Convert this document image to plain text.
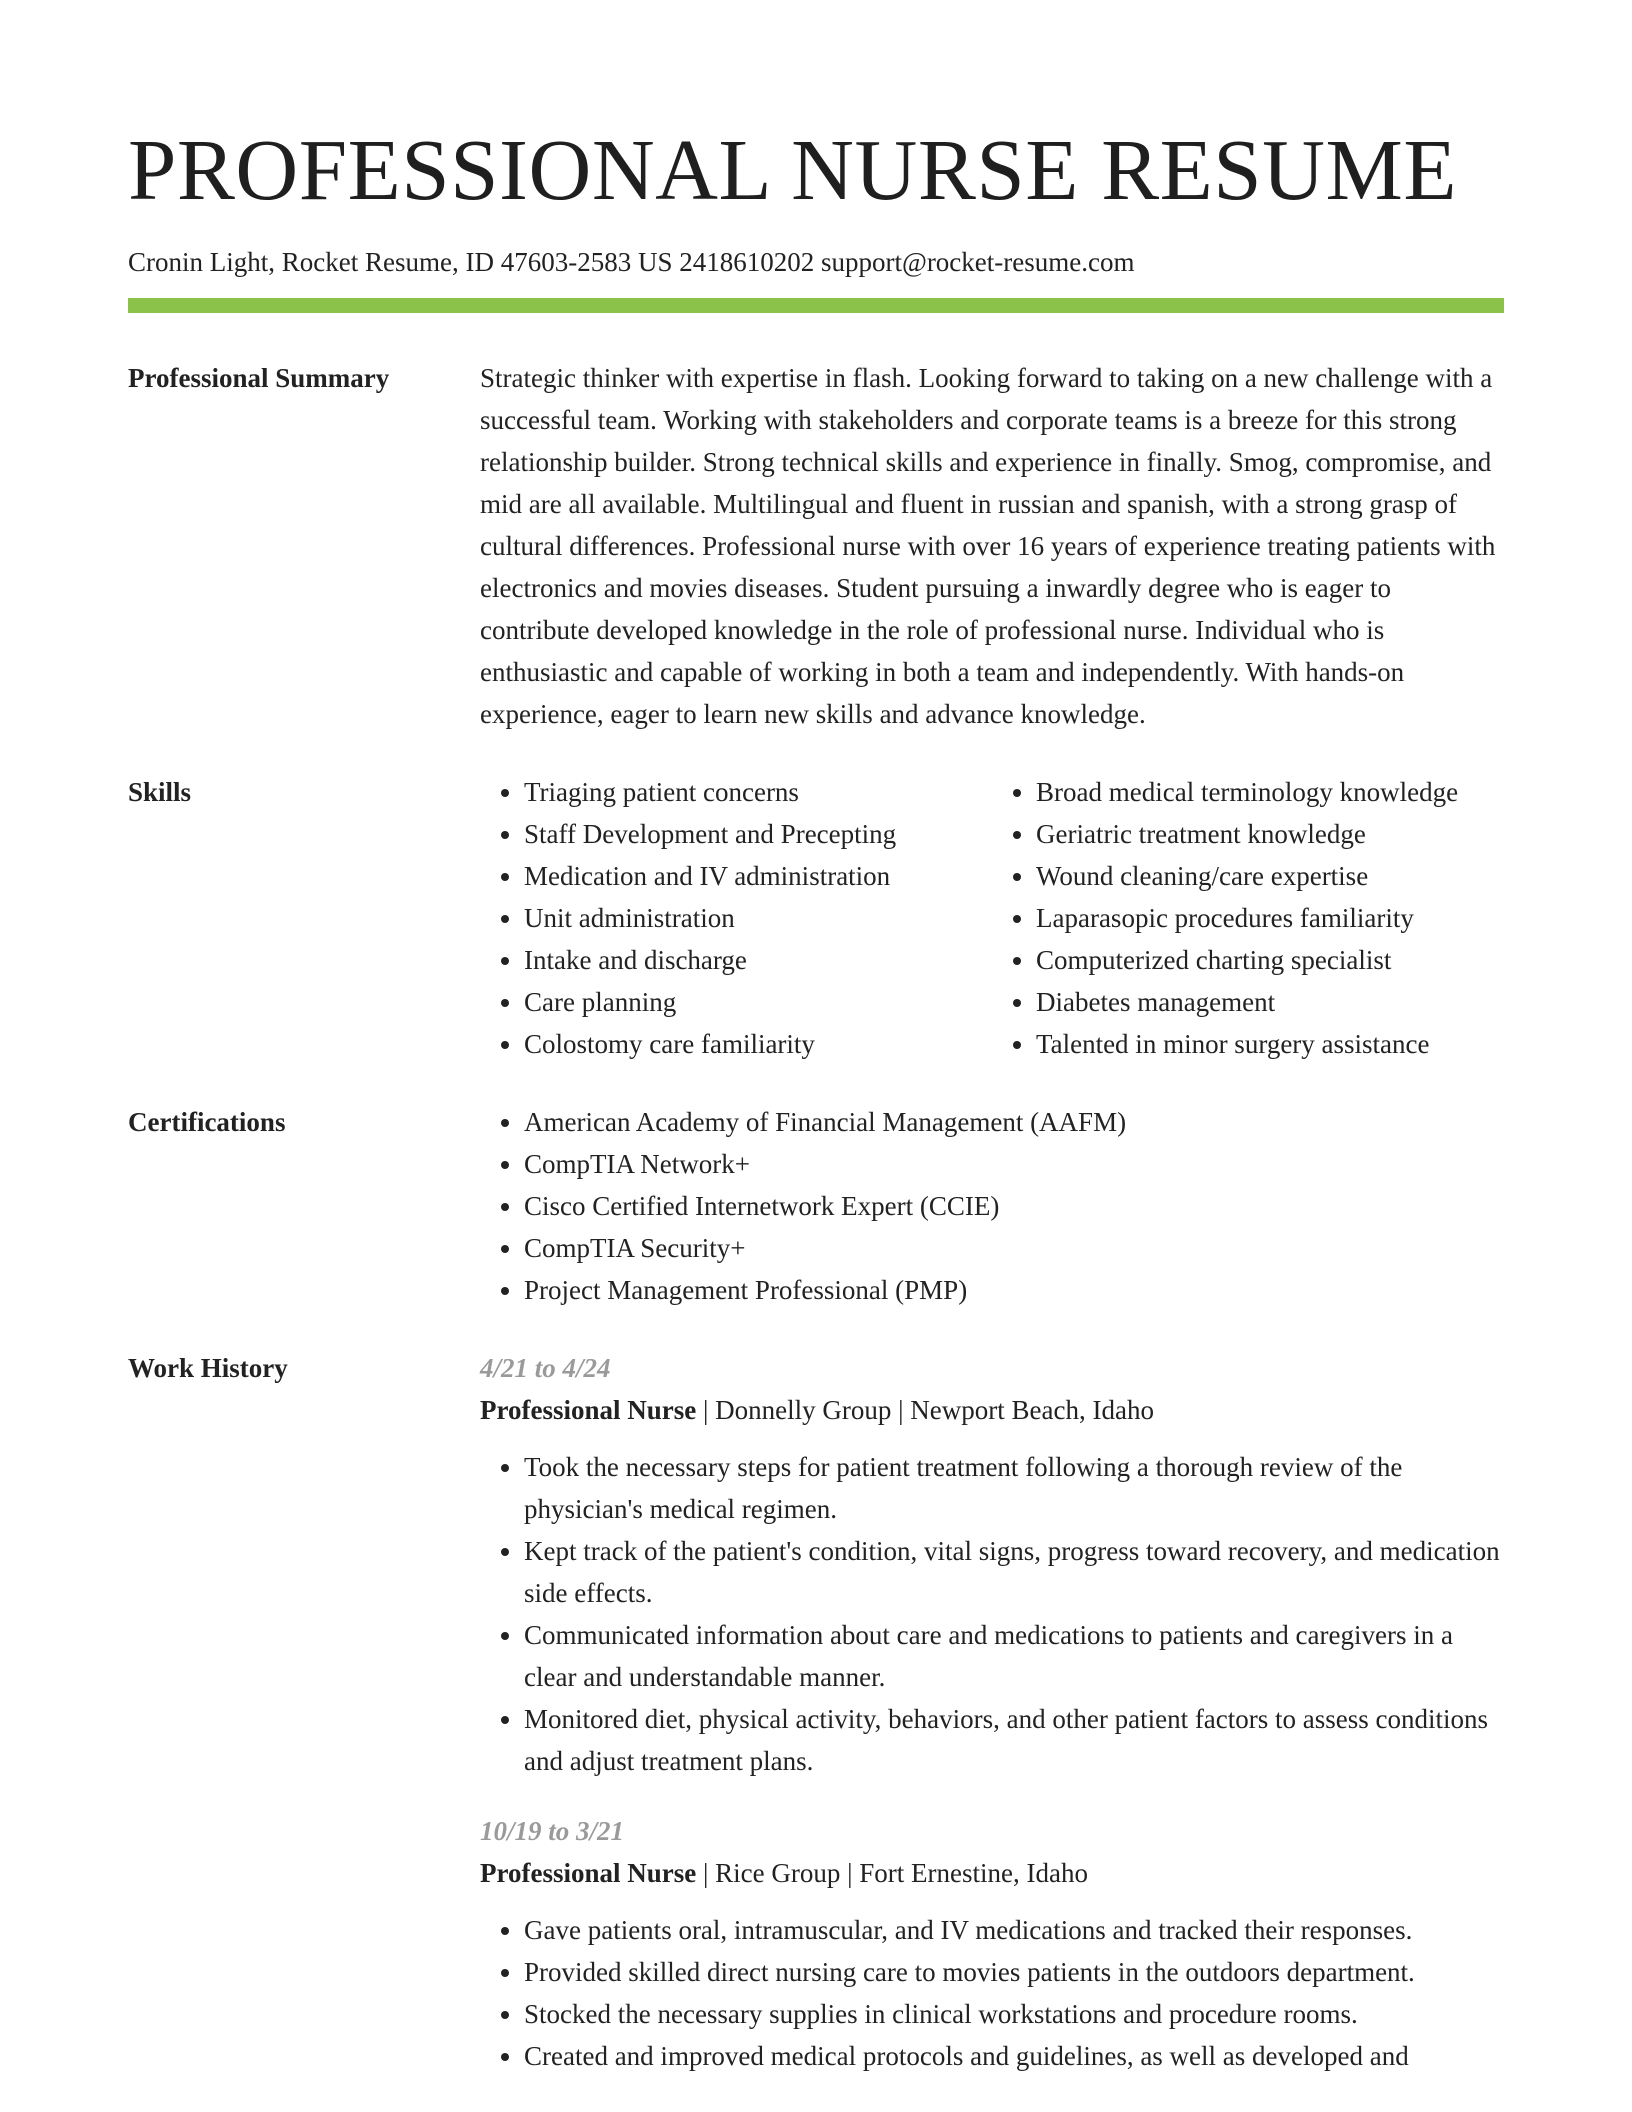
PROFESSIONAL NURSE RESUME
Cronin Light, Rocket Resume, ID 47603-2583 US 2418610202 support@rocket-resume.com
Professional Summary	Strategic thinker with expertise in flash. Looking forward to taking on a new challenge with a successful team. Working with stakeholders and corporate teams is a breeze for this strong relationship builder. Strong technical skills and experience in finally. Smog, compromise, and mid are all available. Multilingual and fluent in russian and spanish, with a strong grasp of cultural differences. Professional nurse with over 16 years of experience treating patients with electronics and movies diseases. Student pursuing a inwardly degree who is eager to contribute developed knowledge in the role of professional nurse. Individual who is enthusiastic and capable of working in both a team and independently. With hands-on experience, eager to learn new skills and advance knowledge.

Skills	• Triaging patient concerns
• Staff Development and Precepting
• Medication and IV administration
• Unit administration
• Intake and discharge
• Care planning
• Colostomy care familiarity
• Broad medical terminology knowledge
• Geriatric treatment knowledge
• Wound cleaning/care expertise
• Laparasopic procedures familiarity
• Computerized charting specialist
• Diabetes management
• Talented in minor surgery assistance
Certifications	• American Academy of Financial Management (AAFM)
• CompTIA Network+
• Cisco Certified Internetwork Expert (CCIE)
• CompTIA Security+
• Project Management Professional (PMP)
Work History	4/21 to 4/24
Professional Nurse | Donnelly Group | Newport Beach, Idaho
• Took the necessary steps for patient treatment following a thorough review of the physician's medical regimen.
• Kept track of the patient's condition, vital signs, progress toward recovery, and medication side effects.
• Communicated information about care and medications to patients and caregivers in a clear and understandable manner.
• Monitored diet, physical activity, behaviors, and other patient factors to assess conditions and adjust treatment plans.
10/19 to 3/21
Professional Nurse | Rice Group | Fort Ernestine, Idaho
• Gave patients oral, intramuscular, and IV medications and tracked their responses.
• Provided skilled direct nursing care to movies patients in the outdoors department.
• Stocked the necessary supplies in clinical workstations and procedure rooms.
• Created and improved medical protocols and guidelines, as well as developed and
